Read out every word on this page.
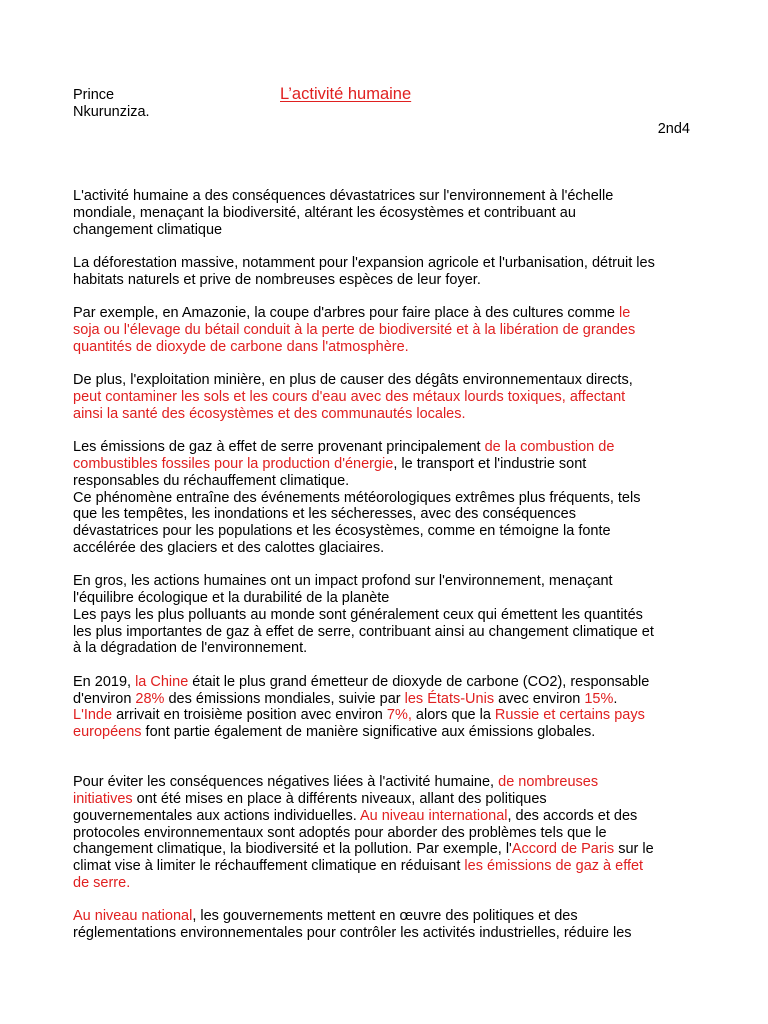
Prince
Nkurunziza.
L’activité humaine
2nd4
L'activité humaine a des conséquences dévastatrices sur l'environnement à l'échelle
mondiale, menaçant la biodiversité, altérant les écosystèmes et contribuant au
changement climatique
La déforestation massive, notamment pour l'expansion agricole et l'urbanisation, détruit les
habitats naturels et prive de nombreuses espèces de leur foyer.
Par exemple, en Amazonie, la coupe d'arbres pour faire place à des cultures comme le
soja ou l'élevage du bétail conduit à la perte de biodiversité et à la libération de grandes
quantités de dioxyde de carbone dans l'atmosphère.
De plus, l'exploitation minière, en plus de causer des dégâts environnementaux directs,
peut contaminer les sols et les cours d'eau avec des métaux lourds toxiques, affectant
ainsi la santé des écosystèmes et des communautés locales.
Les émissions de gaz à effet de serre provenant principalement de la combustion de
combustibles fossiles pour la production d'énergie, le transport et l'industrie sont
responsables du réchauffement climatique.
Ce phénomène entraîne des événements météorologiques extrêmes plus fréquents, tels
que les tempêtes, les inondations et les sécheresses, avec des conséquences
dévastatrices pour les populations et les écosystèmes, comme en témoigne la fonte
accélérée des glaciers et des calottes glaciaires.
En gros, les actions humaines ont un impact profond sur l'environnement, menaçant
l'équilibre écologique et la durabilité de la planète
Les pays les plus polluants au monde sont généralement ceux qui émettent les quantités
les plus importantes de gaz à effet de serre, contribuant ainsi au changement climatique et
à la dégradation de l'environnement.
En 2019, la Chine était le plus grand émetteur de dioxyde de carbone (CO2), responsable
d'environ 28% des émissions mondiales, suivie par les États-Unis avec environ 15%.
L'Inde arrivait en troisième position avec environ 7%, alors que la Russie et certains pays
européens font partie également de manière significative aux émissions globales.
Pour éviter les conséquences négatives liées à l'activité humaine, de nombreuses
initiatives ont été mises en place à différents niveaux, allant des politiques
gouvernementales aux actions individuelles. Au niveau international, des accords et des
protocoles environnementaux sont adoptés pour aborder des problèmes tels que le
changement climatique, la biodiversité et la pollution. Par exemple, l'Accord de Paris sur le
climat vise à limiter le réchauffement climatique en réduisant les émissions de gaz à effet
de serre.
Au niveau national, les gouvernements mettent en œuvre des politiques et des
réglementations environnementales pour contrôler les activités industrielles, réduire les
